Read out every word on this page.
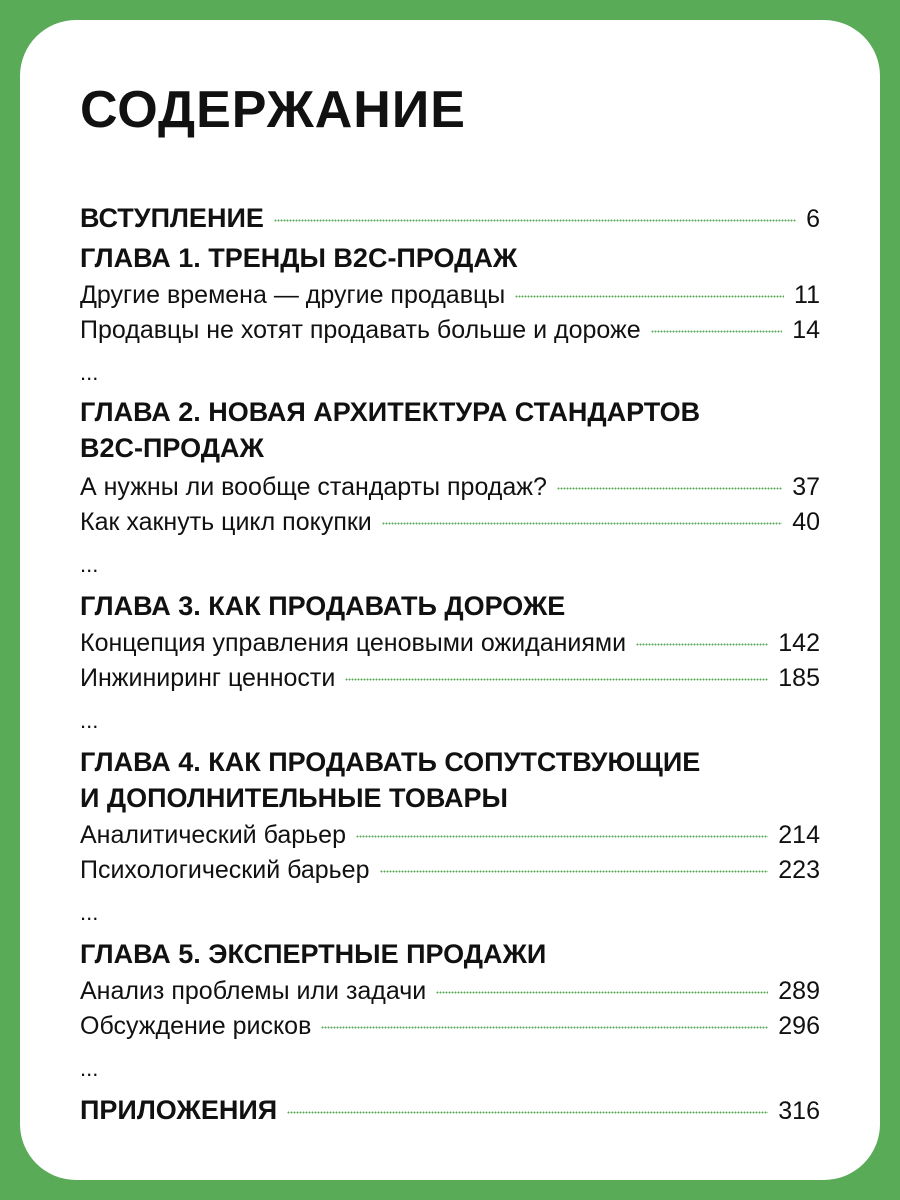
СОДЕРЖАНИЕ
ВСТУПЛЕНИЕ	6
ГЛАВА 1. ТРЕНДЫ B2C-ПРОДАЖ
Другие времена — другие продавцы	11
Продавцы не хотят продавать больше и дороже	14
...
ГЛАВА 2. НОВАЯ АРХИТЕКТУРА СТАНДАРТОВ
B2C-ПРОДАЖ
А нужны ли вообще стандарты продаж?	37
Как хакнуть цикл покупки	40
...
ГЛАВА 3. КАК ПРОДАВАТЬ ДОРОЖЕ
Концепция управления ценовыми ожиданиями	142
Инжиниринг ценности	185
...
ГЛАВА 4. КАК ПРОДАВАТЬ СОПУТСТВУЮЩИЕ
И ДОПОЛНИТЕЛЬНЫЕ ТОВАРЫ
Аналитический барьер	214
Психологический барьер	223
...
ГЛАВА 5. ЭКСПЕРТНЫЕ ПРОДАЖИ
Анализ проблемы или задачи	289
Обсуждение рисков	296
...
ПРИЛОЖЕНИЯ	316
